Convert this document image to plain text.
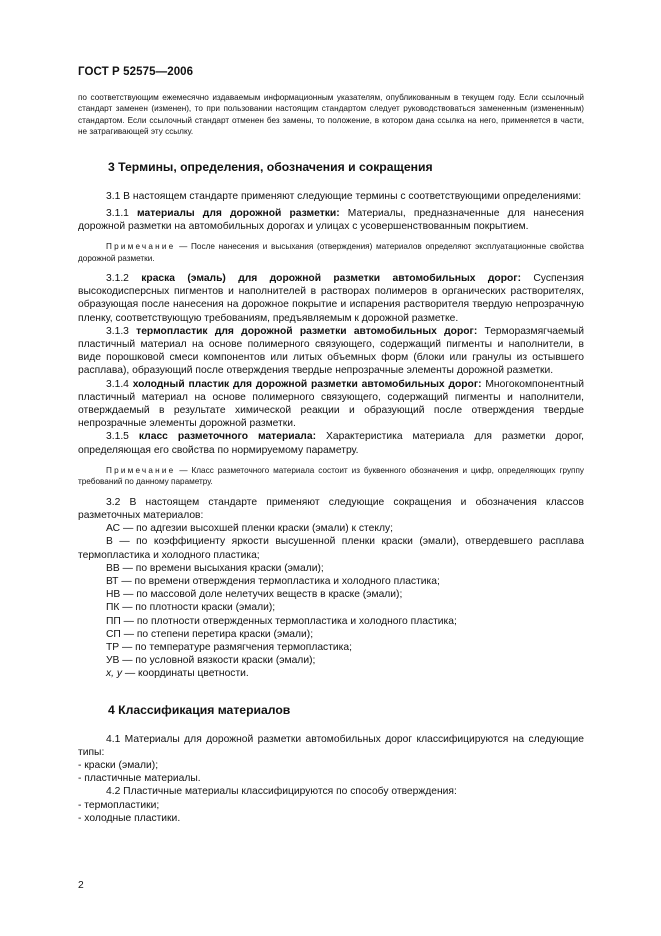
ГОСТ Р 52575—2006

по соответствующим ежемесячно издаваемым информационным указателям, опубликованным в текущем году. Если ссылочный стандарт заменен (изменен), то при пользовании настоящим стандартом следует руководствоваться замененным (измененным) стандартом. Если ссылочный стандарт отменен без замены, то положение, в котором дана ссылка на него, применяется в части, не затрагивающей эту ссылку.

3 Термины, определения, обозначения и сокращения

3.1 В настоящем стандарте применяют следующие термины с соответствующими определениями:

3.1.1 материалы для дорожной разметки: Материалы, предназначенные для нанесения дорожной разметки на автомобильных дорогах и улицах с усовершенствованным покрытием.

Примечание — После нанесения и высыхания (отверждения) материалов определяют эксплуатационные свойства дорожной разметки.

3.1.2 краска (эмаль) для дорожной разметки автомобильных дорог: Суспензия высокодисперсных пигментов и наполнителей в растворах полимеров в органических растворителях, образующая после нанесения на дорожное покрытие и испарения растворителя твердую непрозрачную пленку, соответствующую требованиям, предъявляемым к дорожной разметке.

3.1.3 термопластик для дорожной разметки автомобильных дорог: Терморазмягчаемый пластичный материал на основе полимерного связующего, содержащий пигменты и наполнители, в виде порошковой смеси компонентов или литых объемных форм (блоки или гранулы из остывшего расплава), образующий после отверждения твердые непрозрачные элементы дорожной разметки.

3.1.4 холодный пластик для дорожной разметки автомобильных дорог: Многокомпонентный пластичный материал на основе полимерного связующего, содержащий пигменты и наполнители, отверждаемый в результате химической реакции и образующий после отверждения твердые непрозрачные элементы дорожной разметки.

3.1.5 класс разметочного материала: Характеристика материала для разметки дорог, определяющая его свойства по нормируемому параметру.

Примечание — Класс разметочного материала состоит из буквенного обозначения и цифр, определяющих группу требований по данному параметру.

3.2 В настоящем стандарте применяют следующие сокращения и обозначения классов разметочных материалов:

АС — по адгезии высохшей пленки краски (эмали) к стеклу;

В — по коэффициенту яркости высушенной пленки краски (эмали), отвердевшего расплава термопластика и холодного пластика;

ВВ — по времени высыхания краски (эмали);

ВТ — по времени отверждения термопластика и холодного пластика;

НВ — по массовой доле нелетучих веществ в краске (эмали);

ПК — по плотности краски (эмали);

ПП — по плотности отвержденных термопластика и холодного пластика;

СП — по степени перетира краски (эмали);

ТР — по температуре размягчения термопластика;

УВ — по условной вязкости краски (эмали);

x, y — координаты цветности.

4 Классификация материалов

4.1 Материалы для дорожной разметки автомобильных дорог классифицируются на следующие типы:

- краски (эмали);

- пластичные материалы.

4.2 Пластичные материалы классифицируются по способу отверждения:

- термопластики;

- холодные пластики.

2
